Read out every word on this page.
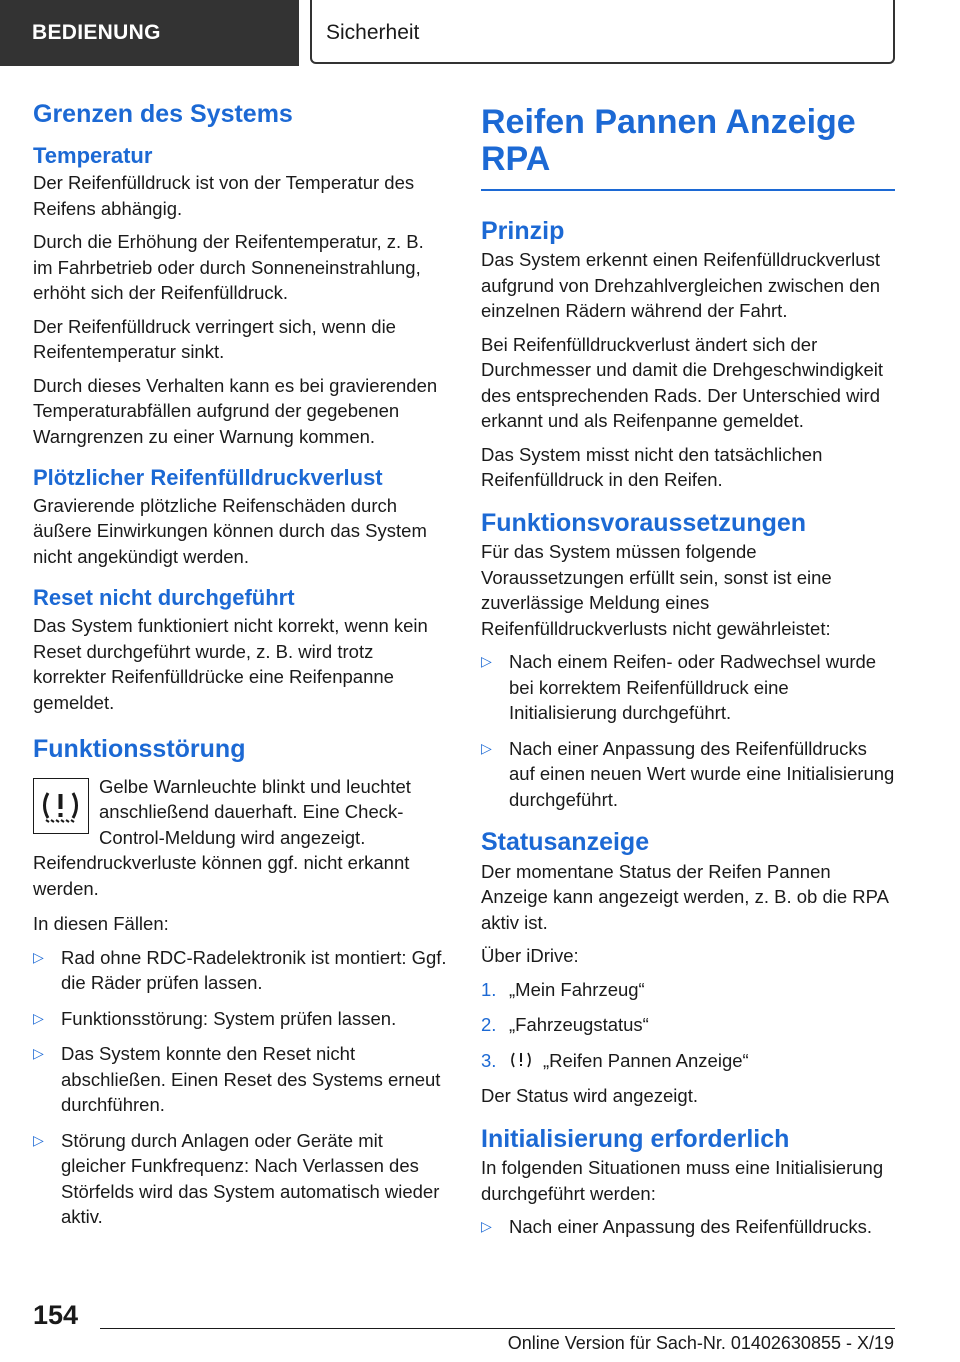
BEDIENUNG	Sicherheit
Grenzen des Systems
Temperatur

Der Reifenfülldruck ist von der Temperatur des Reifens abhängig.

Durch die Erhöhung der Reifentemperatur, z. B. im Fahrbetrieb oder durch Sonneneinstrahlung, erhöht sich der Reifenfülldruck.

Der Reifenfülldruck verringert sich, wenn die Reifentemperatur sinkt.

Durch dieses Verhalten kann es bei gravierenden Temperaturabfällen aufgrund der gegebenen Warngrenzen zu einer Warnung kommen.

Plötzlicher Reifenfülldruckverlust

Gravierende plötzliche Reifenschäden durch äußere Einwirkungen können durch das System nicht angekündigt werden.

Reset nicht durchgeführt

Das System funktioniert nicht korrekt, wenn kein Reset durchgeführt wurde, z. B. wird trotz korrekter Reifenfülldrücke eine Reifenpanne gemeldet.

Funktionsstörung

Gelbe Warnleuchte blinkt und leuchtet anschließend dauerhaft. Eine Check-Control-Meldung wird angezeigt. Reifendruckverluste können ggf. nicht erkannt werden.

In diesen Fällen:

▷ Rad ohne RDC-Radelektronik ist montiert: Ggf. die Räder prüfen lassen.
▷ Funktionsstörung: System prüfen lassen.
▷ Das System konnte den Reset nicht abschließen. Einen Reset des Systems erneut durchführen.
▷ Störung durch Anlagen oder Geräte mit gleicher Funkfrequenz: Nach Verlassen des Störfelds wird das System automatisch wieder aktiv.
Reifen Pannen Anzeige RPA
Prinzip

Das System erkennt einen Reifenfülldruckverlust aufgrund von Drehzahlvergleichen zwischen den einzelnen Rädern während der Fahrt.

Bei Reifenfülldruckverlust ändert sich der Durchmesser und damit die Drehgeschwindigkeit des entsprechenden Rads. Der Unterschied wird erkannt und als Reifenpanne gemeldet.

Das System misst nicht den tatsächlichen Reifenfülldruck in den Reifen.

Funktionsvoraussetzungen

Für das System müssen folgende Voraussetzungen erfüllt sein, sonst ist eine zuverlässige Meldung eines Reifenfülldruckverlusts nicht gewährleistet:

▷ Nach einem Reifen- oder Radwechsel wurde bei korrektem Reifenfülldruck eine Initialisierung durchgeführt.
▷ Nach einer Anpassung des Reifenfülldrucks auf einen neuen Wert wurde eine Initialisierung durchgeführt.
Statusanzeige

Der momentane Status der Reifen Pannen Anzeige kann angezeigt werden, z. B. ob die RPA aktiv ist.

Über iDrive:

1. „Mein Fahrzeug“
2. „Fahrzeugstatus“
3.	„Reifen Pannen Anzeige“

Der Status wird angezeigt.

Initialisierung erforderlich

In folgenden Situationen muss eine Initialisierung durchgeführt werden:

▷ Nach einer Anpassung des Reifenfülldrucks.
154
Online Version für Sach-Nr. 01402630855 - X/19
